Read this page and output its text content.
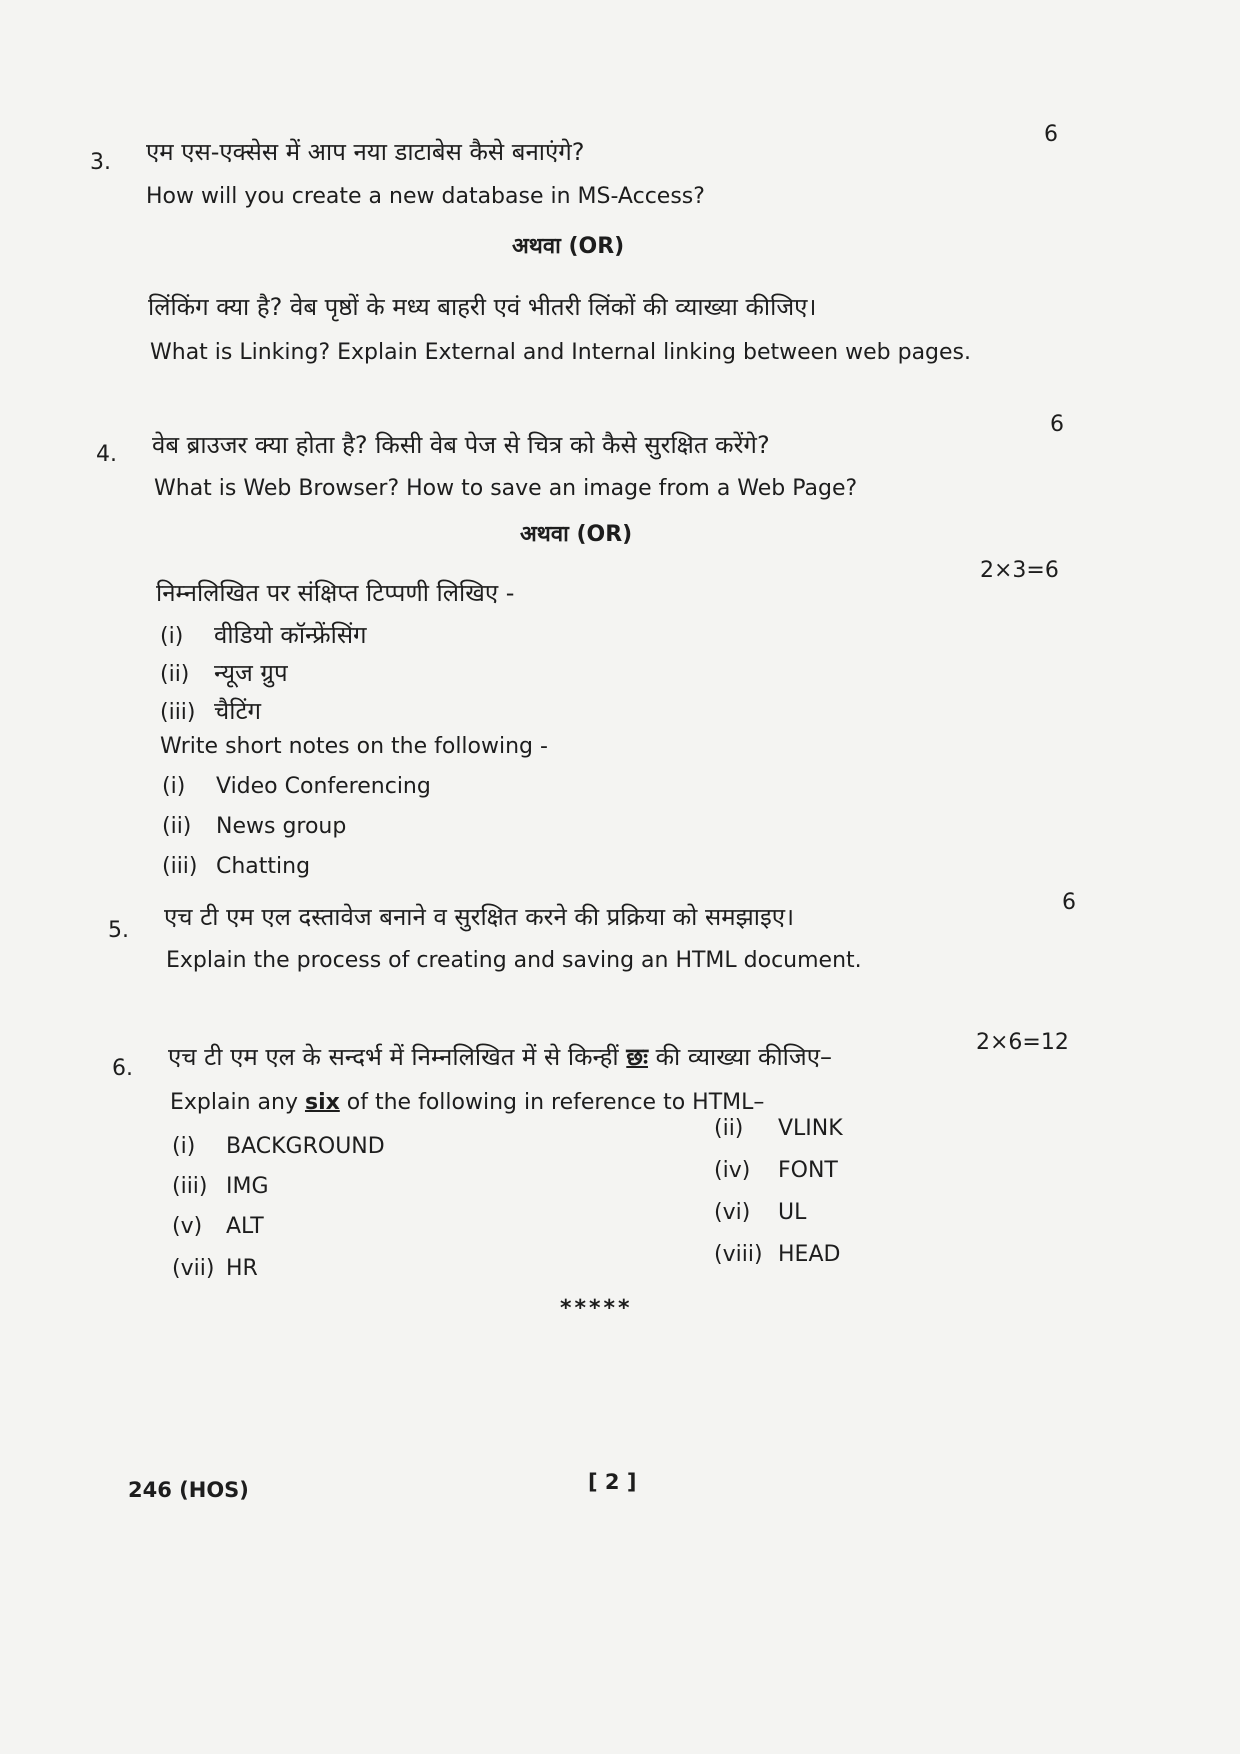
3. एम एस-एक्सेस में आप नया डाटाबेस कैसे बनाएंगे?
6
How will you create a new database in MS-Access?
अथवा (OR)
लिंकिंग क्या है? वेब पृष्ठों के मध्य बाहरी एवं भीतरी लिंकों की व्याख्या कीजिए।
What is Linking? Explain External and Internal linking between web pages.
4.
6
वेब ब्राउजर क्या होता है? किसी वेब पेज से चित्र को कैसे सुरक्षित करेंगे?
What is Web Browser? How to save an image from a Web Page?
अथवा (OR)
निम्नलिखित पर संक्षिप्त टिप्पणी लिखिए -
2×3=6
(i) वीडियो कॉन्फ्रेंसिंग
(ii) न्यूज ग्रुप
(iii) चैटिंग
Write short notes on the following -
(i) Video Conferencing
(ii) News group
(iii) Chatting
5. एच टी एम एल दस्तावेज बनाने व सुरक्षित करने की प्रक्रिया को समझाइए।
6
Explain the process of creating and saving an HTML document.
6. एच टी एम एल के सन्दर्भ में निम्नलिखित में से किन्हीं छः की व्याख्या कीजिए–
2×6=12
Explain any six of the following in reference to HTML–
(i) BACKGROUND
(iii) IMG
(v) ALT
(vii) HR
(ii) VLINK
(iv) FONT
(vi) UL
(viii) HEAD
*****
246 (HOS)	[ 2 ]
